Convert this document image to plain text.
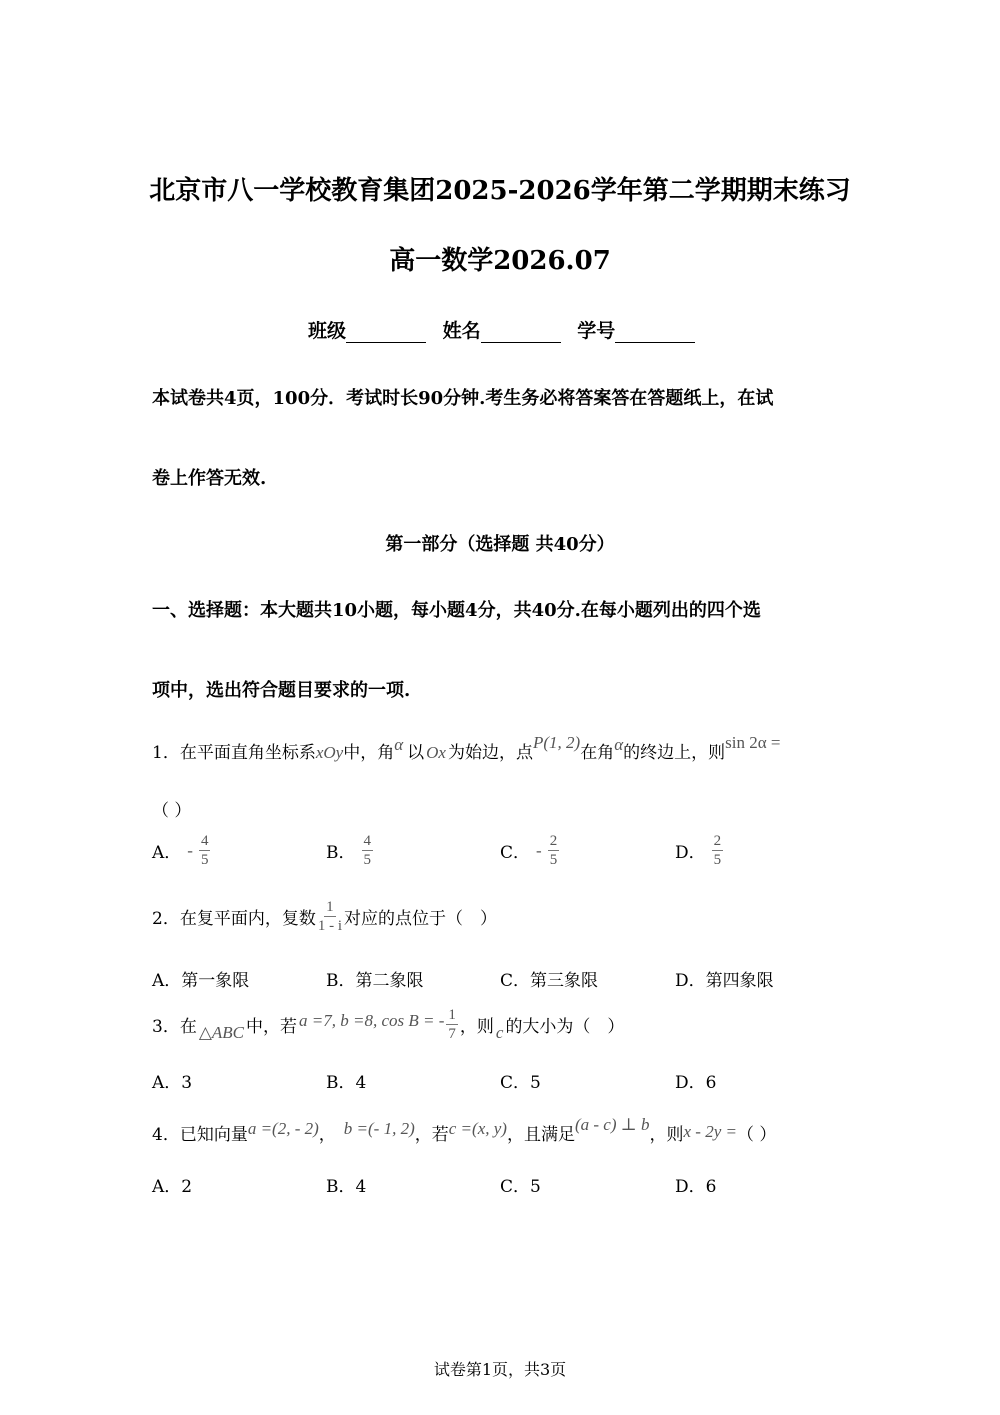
北京市八一学校教育集团2025-2026学年第二学期期末练习
高一数学2026.07
班级	姓名	学号
本试卷共4页，100分．考试时长90分钟.考生务必将答案答在答题纸上，在试
卷上作答无效.
第一部分（选择题 共40分）
一、选择题：本大题共10小题，每小题4分，共40分.在每小题列出的四个选
项中，选出符合题目要求的一项.
1．在平面直角坐标系xOy中，角α 以 Ox 为始边，点P(1, 2)在角α的终边上，则sin 2α =
（ ）
A． - $\frac{4}{5}$	B． $\frac{4}{5}$	C． - $\frac{2}{5}$	D． $\frac{2}{5}$
2．在复平面内，复数 $\frac{1}{1 - i}$ 对应的点位于（　）
A．第一象限	B．第二象限	C．第三象限	D．第四象限
3．在 △ABC 中，若 a =7, b =8, cos B = - $\frac{1}{7}$ ，则 c 的大小为（　）
A．3	B．4	C．5	D．6
4．已知向量a =(2, - 2)， b =(- 1, 2)，若c =(x, y)，且满足(a - c) ⊥ b，则x - 2y =（ ）
A．2	B．4	C．5	D．6
试卷第1页，共3页
